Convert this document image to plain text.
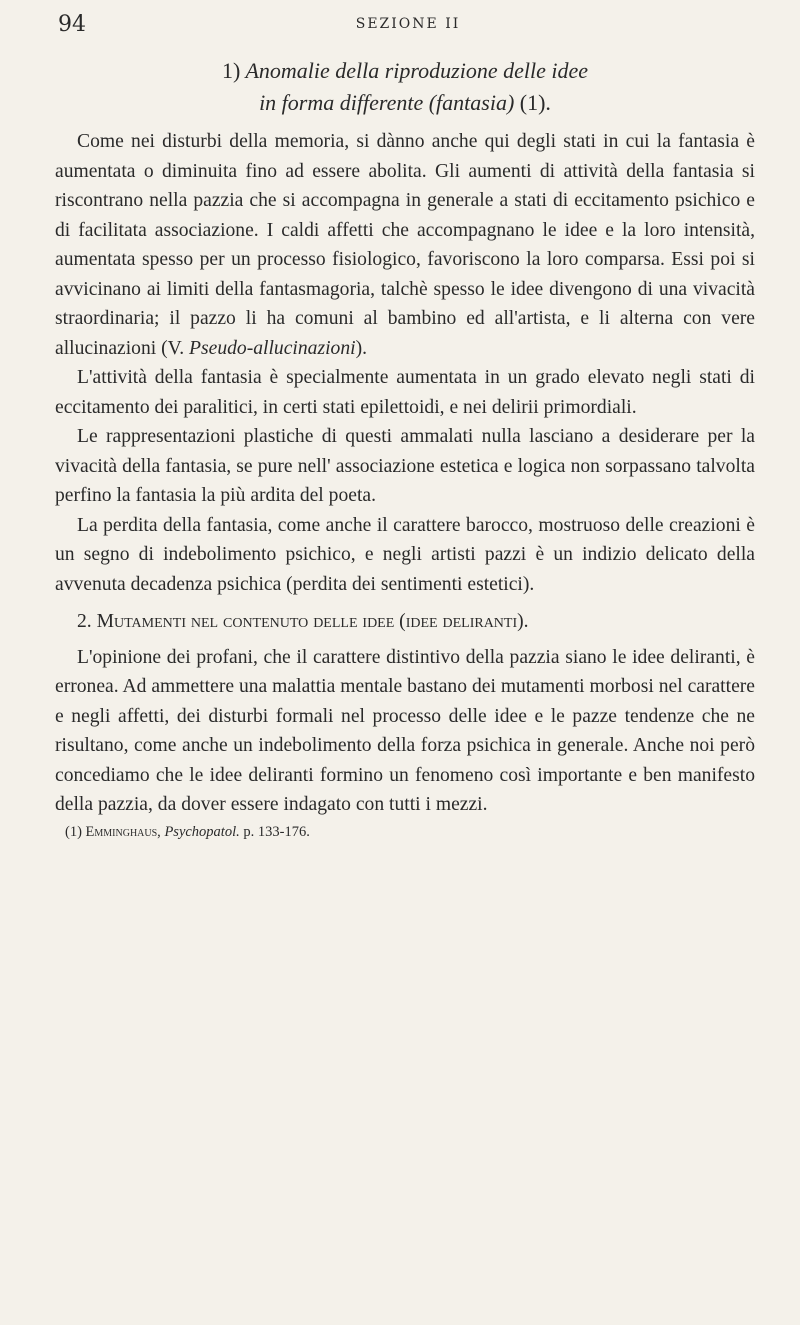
94	SEZIONE II

1) Anomalie della riproduzione delle idee
in forma differente (fantasia) (1).

Come nei disturbi della memoria, si dànno anche qui degli stati in cui la fantasia è aumentata o diminuita fino ad essere abolita. Gli aumenti di attività della fantasia si riscontrano nella pazzia che si accompagna in generale a stati di eccitamento psichico e di facilitata associazione. I caldi affetti che accompagnano le idee e la loro intensità, aumentata spesso per un processo fisiologico, favoriscono la loro comparsa. Essi poi si avvicinano ai limiti della fantasmagoria, talchè spesso le idee divengono di una vivacità straordinaria; il pazzo li ha comuni al bambino ed all'artista, e li alterna con vere allucinazioni (V. Pseudo-allucinazioni).

L'attività della fantasia è specialmente aumentata in un grado elevato negli stati di eccitamento dei paralitici, in certi stati epilettoidi, e nei delirii primordiali.

Le rappresentazioni plastiche di questi ammalati nulla lasciano a desiderare per la vivacità della fantasia, se pure nell' associazione estetica e logica non sorpassano talvolta perfino la fantasia la più ardita del poeta.

La perdita della fantasia, come anche il carattere barocco, mostruoso delle creazioni è un segno di indebolimento psichico, e negli artisti pazzi è un indizio delicato della avvenuta decadenza psichica (perdita dei sentimenti estetici).

2. Mutamenti nel contenuto delle idee (idee deliranti).

L'opinione dei profani, che il carattere distintivo della pazzia siano le idee deliranti, è erronea. Ad ammettere una malattia mentale bastano dei mutamenti morbosi nel carattere e negli affetti, dei disturbi formali nel processo delle idee e le pazze tendenze che ne risultano, come anche un indebolimento della forza psichica in generale. Anche noi però concediamo che le idee deliranti formino un fenomeno così importante e ben manifesto della pazzia, da dover essere indagato con tutti i mezzi.

(1) Emminghaus, Psychopatol. p. 133-176.
